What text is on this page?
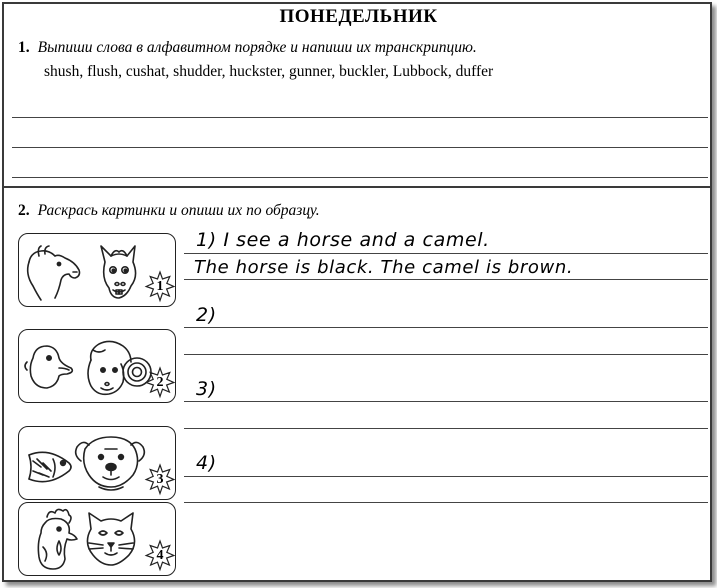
ПОНЕДЕЛЬНИК
1. Выпиши слова в алфавитном порядке и напиши их транскрипцию.
shush, flush, cushat, shudder, huckster, gunner, buckler, Lubbock, duffer
2. Раскрась картинки и опиши их по образцу.
1
2
3
4
1) I see a horse and a camel.
The horse is black. The camel is brown.
2)
3)
4)
